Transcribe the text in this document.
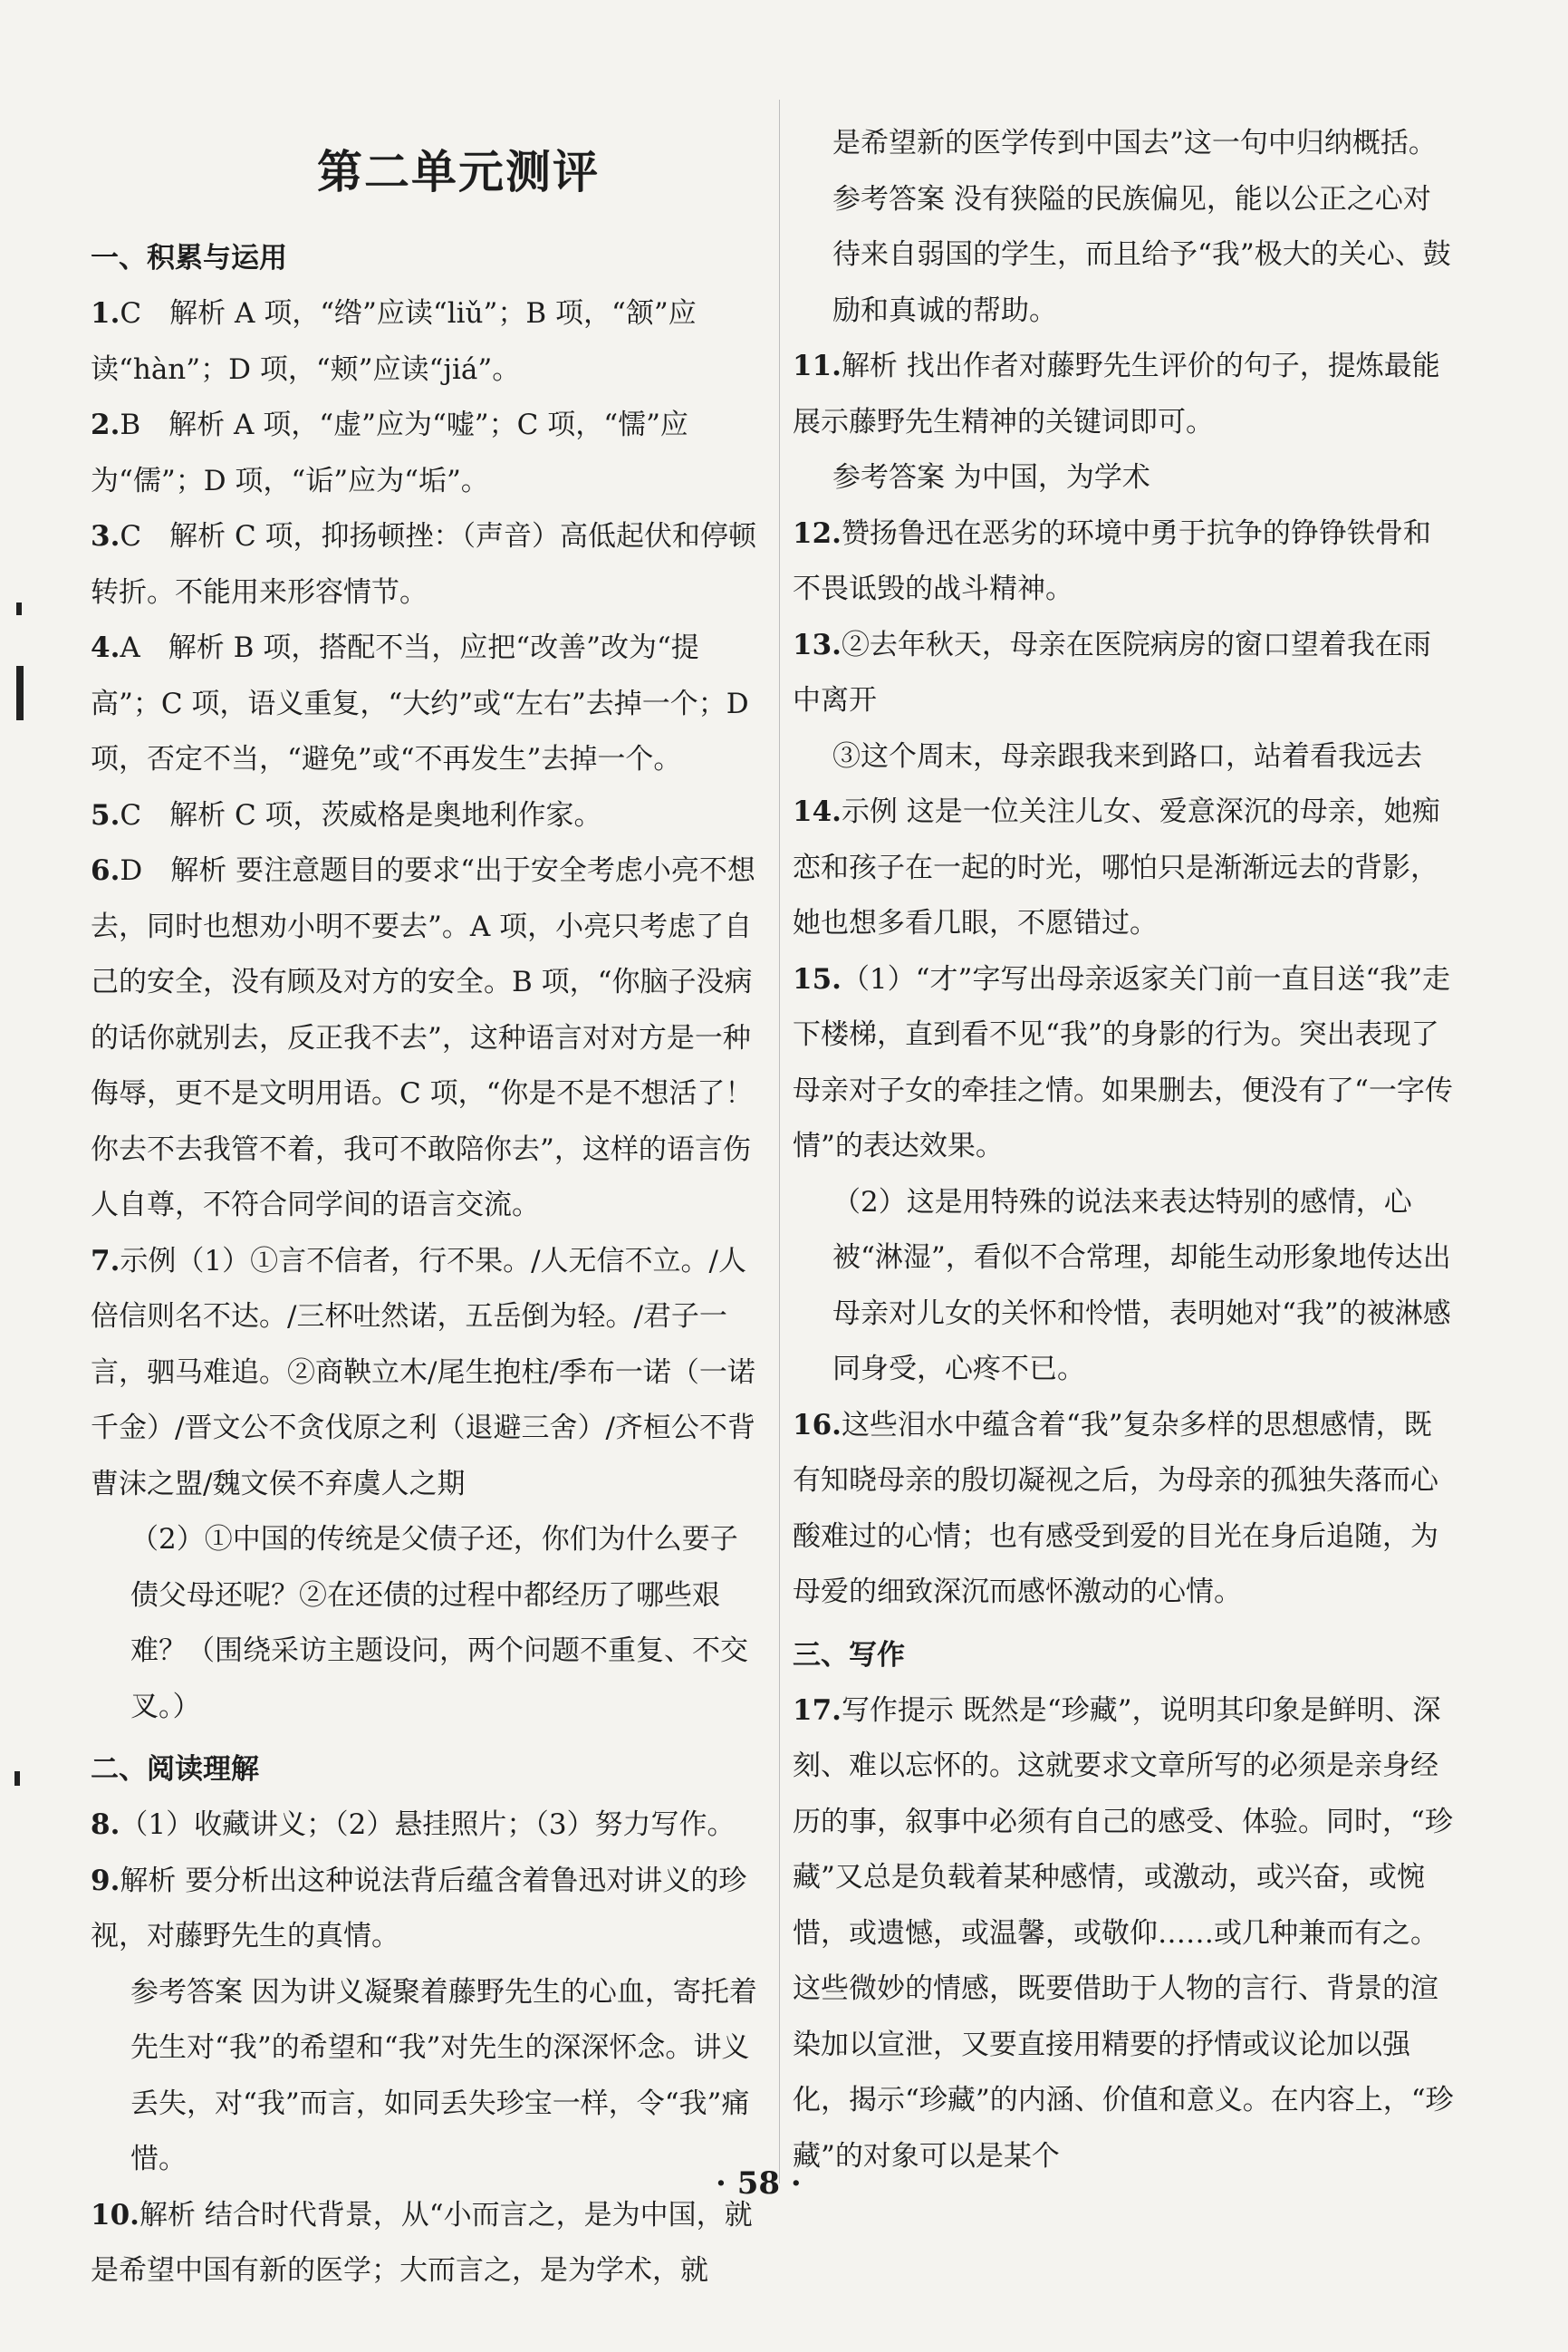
第二单元测评
一、积累与运用

1.C　解析 A 项，“绺”应读“liǔ”；B 项，“颔”应读“hàn”；D 项，“颊”应读“jiá”。

2.B　解析 A 项，“虚”应为“嘘”；C 项，“懦”应为“儒”；D 项，“诟”应为“垢”。

3.C　解析 C 项，抑扬顿挫：（声音）高低起伏和停顿转折。不能用来形容情节。

4.A　解析 B 项，搭配不当，应把“改善”改为“提高”；C 项，语义重复，“大约”或“左右”去掉一个；D 项，否定不当，“避免”或“不再发生”去掉一个。

5.C　解析 C 项，茨威格是奥地利作家。

6.D　解析 要注意题目的要求“出于安全考虑小亮不想去，同时也想劝小明不要去”。A 项，小亮只考虑了自己的安全，没有顾及对方的安全。B 项，“你脑子没病的话你就别去，反正我不去”，这种语言对对方是一种侮辱，更不是文明用语。C 项，“你是不是不想活了！你去不去我管不着，我可不敢陪你去”，这样的语言伤人自尊，不符合同学间的语言交流。

7.示例（1）①言不信者，行不果。/人无信不立。/人倍信则名不达。/三杯吐然诺，五岳倒为轻。/君子一言，驷马难追。②商鞅立木/尾生抱柱/季布一诺（一诺千金）/晋文公不贪伐原之利（退避三舍）/齐桓公不背曹沫之盟/魏文侯不弃虞人之期

（2）①中国的传统是父债子还，你们为什么要子债父母还呢？②在还债的过程中都经历了哪些艰难？（围绕采访主题设问，两个问题不重复、不交叉。）

二、阅读理解

8.（1）收藏讲义；（2）悬挂照片；（3）努力写作。

9.解析 要分析出这种说法背后蕴含着鲁迅对讲义的珍视，对藤野先生的真情。

参考答案 因为讲义凝聚着藤野先生的心血，寄托着先生对“我”的希望和“我”对先生的深深怀念。讲义丢失，对“我”而言，如同丢失珍宝一样，令“我”痛惜。

10.解析 结合时代背景，从“小而言之，是为中国，就是希望中国有新的医学；大而言之，是为学术，就

是希望新的医学传到中国去”这一句中归纳概括。

参考答案 没有狭隘的民族偏见，能以公正之心对待来自弱国的学生，而且给予“我”极大的关心、鼓励和真诚的帮助。

11.解析 找出作者对藤野先生评价的句子，提炼最能展示藤野先生精神的关键词即可。

参考答案 为中国，为学术

12.赞扬鲁迅在恶劣的环境中勇于抗争的铮铮铁骨和不畏诋毁的战斗精神。

13.②去年秋天，母亲在医院病房的窗口望着我在雨中离开

③这个周末，母亲跟我来到路口，站着看我远去

14.示例 这是一位关注儿女、爱意深沉的母亲，她痴恋和孩子在一起的时光，哪怕只是渐渐远去的背影，她也想多看几眼，不愿错过。

15.（1）“才”字写出母亲返家关门前一直目送“我”走下楼梯，直到看不见“我”的身影的行为。突出表现了母亲对子女的牵挂之情。如果删去，便没有了“一字传情”的表达效果。

（2）这是用特殊的说法来表达特别的感情，心被“淋湿”，看似不合常理，却能生动形象地传达出母亲对儿女的关怀和怜惜，表明她对“我”的被淋感同身受，心疼不已。

16.这些泪水中蕴含着“我”复杂多样的思想感情，既有知晓母亲的殷切凝视之后，为母亲的孤独失落而心酸难过的心情；也有感受到爱的目光在身后追随，为母爱的细致深沉而感怀激动的心情。

三、写作

17.写作提示 既然是“珍藏”，说明其印象是鲜明、深刻、难以忘怀的。这就要求文章所写的必须是亲身经历的事，叙事中必须有自己的感受、体验。同时，“珍藏”又总是负载着某种感情，或激动，或兴奋，或惋惜，或遗憾，或温馨，或敬仰……或几种兼而有之。这些微妙的情感，既要借助于人物的言行、背景的渲染加以宣泄，又要直接用精要的抒情或议论加以强化，揭示“珍藏”的内涵、价值和意义。在内容上，“珍藏”的对象可以是某个

· 58 ·
